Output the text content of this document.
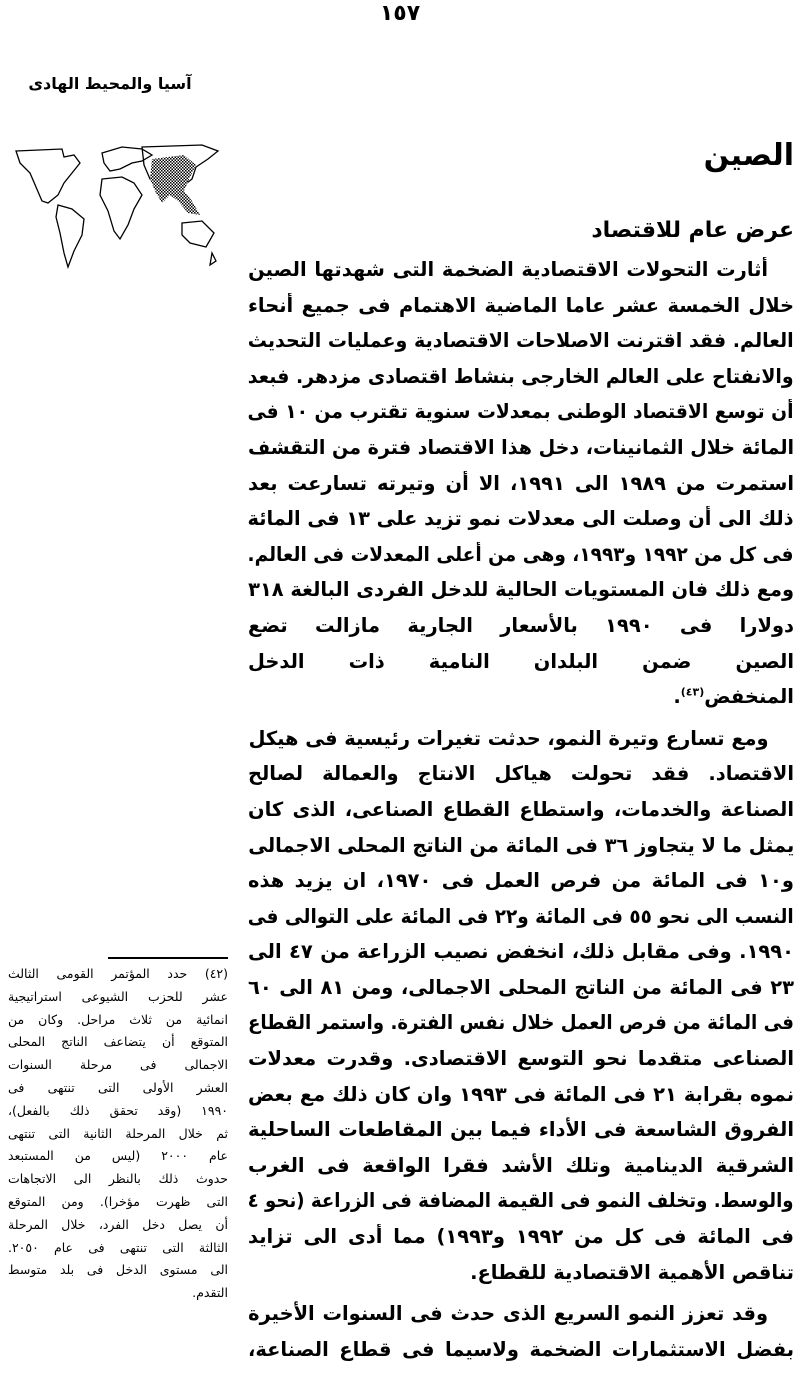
١٥٧
آسيا والمحيط الهادى
الصين
عرض عام للاقتصاد
أثارت التحولات الاقتصادية الضخمة التى شهدتها الصين
خلال الخمسة عشر عاما الماضية الاهتمام فى جميع أنحاء
العالم. فقد اقترنت الاصلاحات الاقتصادية وعمليات التحديث
والانفتاح على العالم الخارجى بنشاط اقتصادى مزدهر. فبعد
أن توسع الاقتصاد الوطنى بمعدلات سنوية تقترب من ١٠ فى
المائة خلال الثمانينات، دخل هذا الاقتصاد فترة من التقشف
استمرت من ١٩٨٩ الى ١٩٩١، الا أن وتيرته تسارعت بعد
ذلك الى أن وصلت الى معدلات نمو تزيد على ١٣ فى المائة
فى كل من ١٩٩٢ و١٩٩٣، وهى من أعلى المعدلات فى العالم.
ومع ذلك فان المستويات الحالية للدخل الفردى البالغة ٣١٨
دولارا فى ١٩٩٠ بالأسعار الجارية مازالت تضع
الصين ضمن البلدان النامية ذات الدخل
المنخفض$^{(٤٣)}$.
ومع تسارع وتيرة النمو، حدثت تغيرات رئيسية فى هيكل
الاقتصاد. فقد تحولت هياكل الانتاج والعمالة لصالح
الصناعة والخدمات، واستطاع القطاع الصناعى، الذى كان
يمثل ما لا يتجاوز ٣٦ فى المائة من الناتج المحلى الاجمالى
و١٠ فى المائة من فرص العمل فى ١٩٧٠، ان يزيد هذه
النسب الى نحو ٥٥ فى المائة و٢٢ فى المائة على التوالى فى
١٩٩٠. وفى مقابل ذلك، انخفض نصيب الزراعة من ٤٧ الى
٢٣ فى المائة من الناتج المحلى الاجمالى، ومن ٨١ الى ٦٠
فى المائة من فرص العمل خلال نفس الفترة. واستمر القطاع
الصناعى متقدما نحو التوسع الاقتصادى. وقدرت معدلات
نموه بقرابة ٢١ فى المائة فى ١٩٩٣ وان كان ذلك مع بعض
الفروق الشاسعة فى الأداء فيما بين المقاطعات الساحلية
الشرقية الدينامية وتلك الأشد فقرا الواقعة فى الغرب
والوسط. وتخلف النمو فى القيمة المضافة فى الزراعة (نحو ٤
فى المائة فى كل من ١٩٩٢ و١٩٩٣) مما أدى الى تزايد
تناقص الأهمية الاقتصادية للقطاع.
وقد تعزز النمو السريع الذى حدث فى السنوات الأخيرة
بفضل الاستثمارات الضخمة ولاسيما فى قطاع الصناعة،
(٤٢) حدد المؤتمر القومى الثالث
عشر للحزب الشيوعى استراتيجية
انمائية من ثلاث مراحل. وكان من
المتوقع أن يتضاعف الناتج المحلى
الاجمالى فى مرحلة السنوات
العشر الأولى التى تنتهى فى
١٩٩٠ (وقد تحقق ذلك بالفعل)،
ثم خلال المرحلة الثانية التى تنتهى
عام ٢٠٠٠ (ليس من المستبعد
حدوث ذلك بالنظر الى الاتجاهات
التى ظهرت مؤخرا). ومن المتوقع
أن يصل دخل الفرد، خلال المرحلة
الثالثة التى تنتهى فى عام ٢٠٥٠.
الى مستوى الدخل فى بلد متوسط
التقدم.
